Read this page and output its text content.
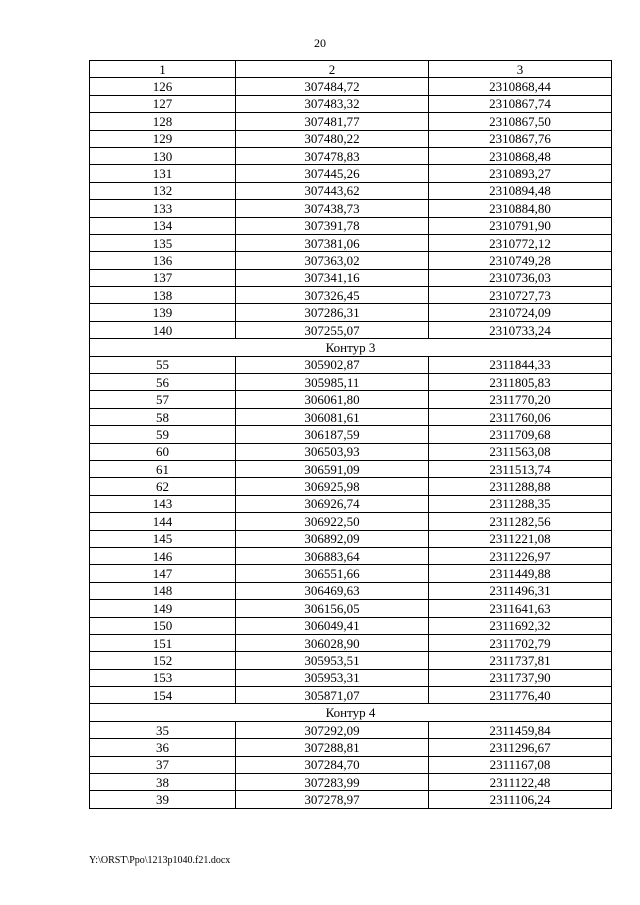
20
1	2	3
126	307484,72	2310868,44
127	307483,32	2310867,74
128	307481,77	2310867,50
129	307480,22	2310867,76
130	307478,83	2310868,48
131	307445,26	2310893,27
132	307443,62	2310894,48
133	307438,73	2310884,80
134	307391,78	2310791,90
135	307381,06	2310772,12
136	307363,02	2310749,28
137	307341,16	2310736,03
138	307326,45	2310727,73
139	307286,31	2310724,09
140	307255,07	2310733,24
Контур 3		
55	305902,87	2311844,33
56	305985,11	2311805,83
57	306061,80	2311770,20
58	306081,61	2311760,06
59	306187,59	2311709,68
60	306503,93	2311563,08
61	306591,09	2311513,74
62	306925,98	2311288,88
143	306926,74	2311288,35
144	306922,50	2311282,56
145	306892,09	2311221,08
146	306883,64	2311226,97
147	306551,66	2311449,88
148	306469,63	2311496,31
149	306156,05	2311641,63
150	306049,41	2311692,32
151	306028,90	2311702,79
152	305953,51	2311737,81
153	305953,31	2311737,90
154	305871,07	2311776,40
Контур 4		
35	307292,09	2311459,84
36	307288,81	2311296,67
37	307284,70	2311167,08
38	307283,99	2311122,48
39	307278,97	2311106,24
Y:\ORST\Ppo\1213p1040.f21.docx
